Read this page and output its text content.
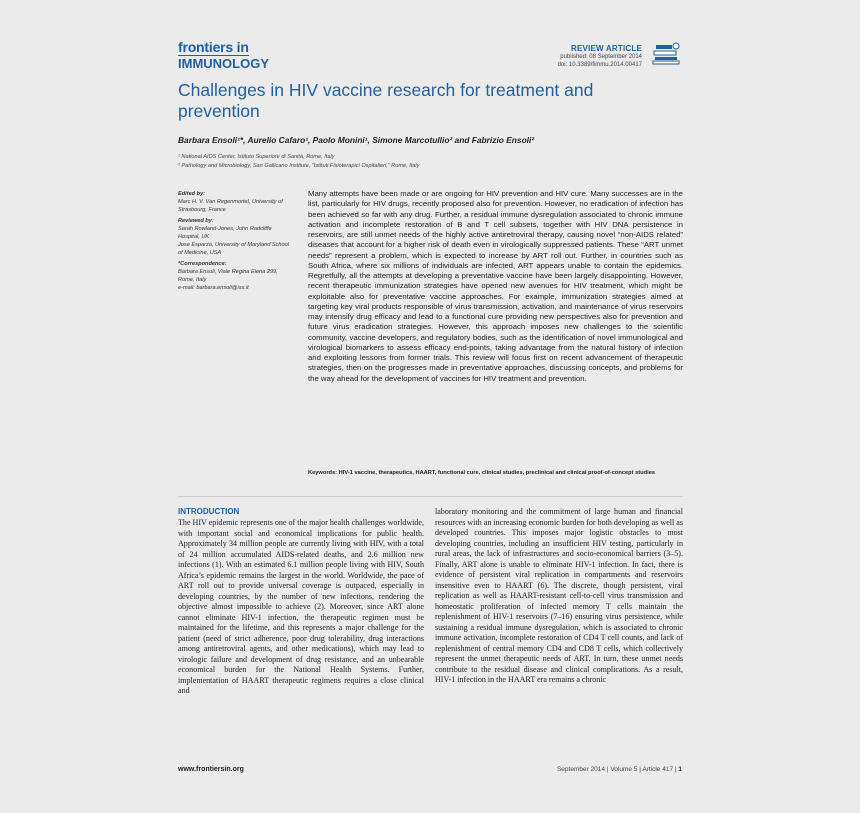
frontiers in

IMMUNOLOGY
REVIEW ARTICLE
published: 08 September 2014
doi: 10.3389/fimmu.2014.00417
Challenges in HIV vaccine research for treatment and prevention
Barbara Ensoli¹*, Aurelio Cafaro¹, Paolo Monini¹, Simone Marcotullio² and Fabrizio Ensoli²
¹ National AIDS Center, Istituto Superiore di Sanità, Rome, Italy
² Pathology and Microbiology, San Gallicano Institute, “Istituti Fisioterapici Ospitalieri,” Rome, Italy
Edited by:
Marc H. V. Van Regenmortel, University of Strasbourg, France
Reviewed by:
Sarah Rowland-Jones, John Radcliffe Hospital, UK
Jose Esparza, University of Maryland School of Medicine, USA
*Correspondence:
Barbara Ensoli, Viale Regina Elena 299, Rome, Italy
e-mail: barbara.ensoli@iss.it
Many attempts have been made or are ongoing for HIV prevention and HIV cure. Many successes are in the list, particularly for HIV drugs, recently proposed also for prevention. However, no eradication of infection has been achieved so far with any drug. Further, a residual immune dysregulation associated to chronic immune activation and incomplete restoration of B and T cell subsets, together with HIV DNA persistence in reservoirs, are still unmet needs of the highly active antiretroviral therapy, causing novel “non-AIDS related” diseases that account for a higher risk of death even in virologically suppressed patients. These “ART unmet needs” represent a problem, which is expected to increase by ART roll out. Further, in countries such as South Africa, where six millions of individuals are infected, ART appears unable to contain the epidemics. Regretfully, all the attempts at developing a preventative vaccine have been largely disappointing. However, recent therapeutic immunization strategies have opened new avenues for HIV treatment, which might be exploitable also for preventative vaccine approaches. For example, immunization strategies aimed at targeting key viral products responsible of virus transmission, activation, and maintenance of virus reservoirs may intensify drug efficacy and lead to a functional cure providing new perspectives also for prevention and future virus eradication strategies. However, this approach imposes new challenges to the scientific community, vaccine developers, and regulatory bodies, such as the identification of novel immunological and virological biomarkers to assess efficacy end-points, taking advantage from the natural history of infection and exploiting lessons from former trials. This review will focus first on recent advancement of therapeutic strategies, then on the progresses made in preventative approaches, discussing concepts, and problems for the way ahead for the development of vaccines for HIV treatment and prevention.
Keywords: HIV-1 vaccine, therapeutics, HAART, functional cure, clinical studies, preclinical and clinical proof-of-concept studies
INTRODUCTION
The HIV epidemic represents one of the major health challenges worldwide, with important social and economical implications for public health. Approximately 34 million people are currently living with HIV, with a total of 24 million accumulated AIDS-related deaths, and 2.6 million new infections (1). With an estimated 6.1 million people living with HIV, South Africa’s epidemic remains the largest in the world. Worldwide, the pace of ART roll out to provide universal coverage is outpaced, especially in developing countries, by the number of new infections, rendering the objective almost impossible to achieve (2). Moreover, since ART alone cannot eliminate HIV-1 infection, the therapeutic regimen must be maintained for the lifetime, and this represents a major challenge for the patient (need of strict adherence, poor drug tolerability, drug interactions among antiretroviral agents, and other medications), which may lead to virologic failure and development of drug resistance, and an unbearable economical burden for the National Health Systems. Further, implementation of HAART therapeutic regimens requires a close clinical and
laboratory monitoring and the commitment of large human and financial resources with an increasing economic burden for both developing as well as developed countries. This imposes major logistic obstacles to most developing countries, including an insufficient HIV testing, particularly in rural areas, the lack of infrastructures and socio-economical barriers (3–5). Finally, ART alone is unable to eliminate HIV-1 infection. In fact, there is evidence of persistent viral replication in compartments and reservoirs insensitive even to HAART (6). The discrete, though persistent, viral replication as well as HAART-resistant cell-to-cell virus transmission and homeostatic proliferation of infected memory T cells maintain the replenishment of HIV-1 reservoirs (7–16) ensuring virus persistence, while sustaining a residual immune dysregulation, which is associated to chronic immune activation, incomplete restoration of CD4 T cell counts, and lack of replenishment of central memory CD4 and CD8 T cells, which collectively represent the unmet therapeutic needs of ART. In turn, these unmet needs contribute to the residual disease and clinical complications. As a result, HIV-1 infection in the HAART era remains a chronic
www.frontiersin.org	September 2014 | Volume 5 | Article 417 | 1
